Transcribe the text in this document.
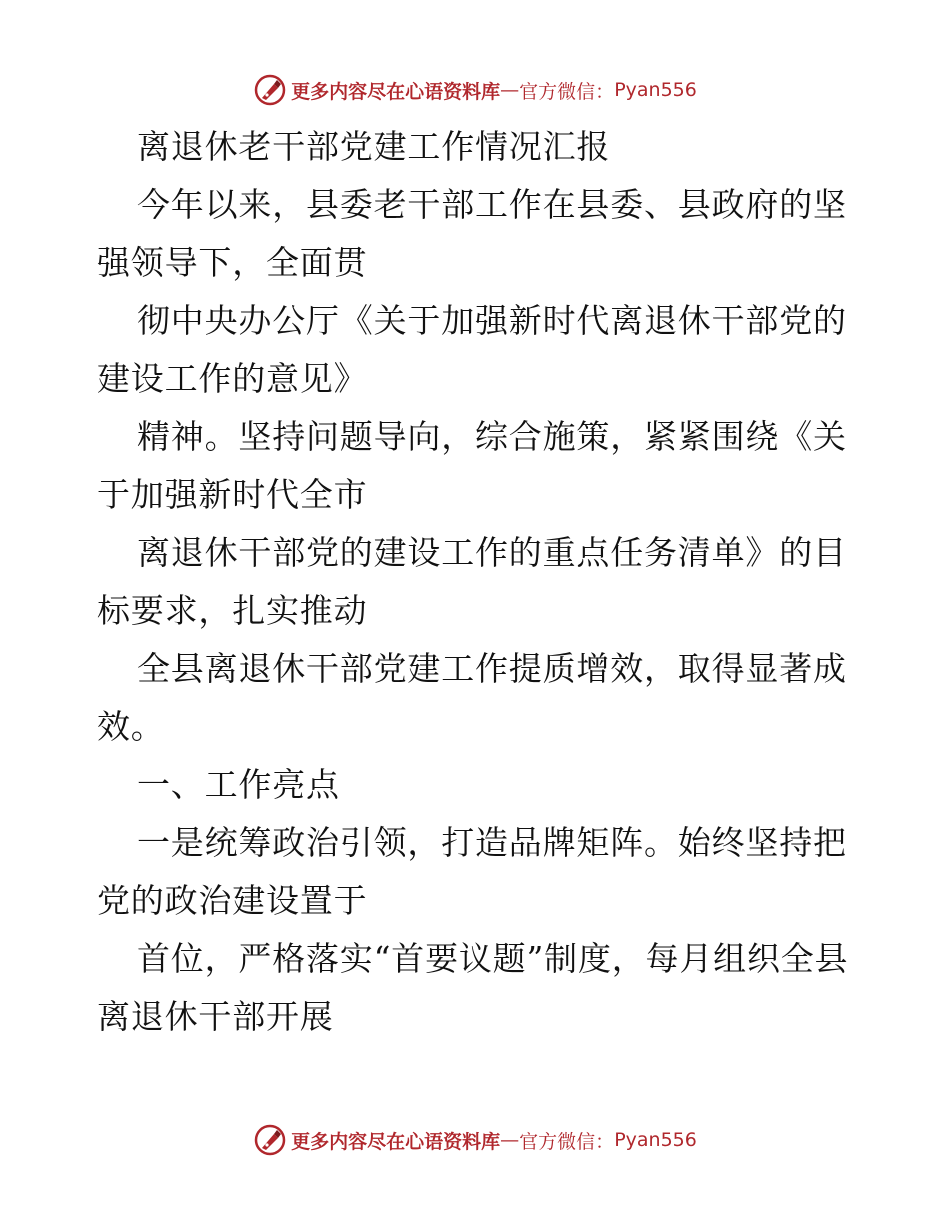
更多内容尽在心语资料库 — 官方微信： Pyan556

离退休老干部党建工作情况汇报

今年以来，县委老干部工作在县委、县政府的坚强领导下，全面贯

彻中央办公厅《关于加强新时代离退休干部党的建设工作的意见》

精神。坚持问题导向，综合施策，紧紧围绕《关于加强新时代全市

离退休干部党的建设工作的重点任务清单》的目标要求，扎实推动

全县离退休干部党建工作提质增效，取得显著成效。

一、工作亮点

一是统筹政治引领，打造品牌矩阵。始终坚持把党的政治建设置于

首位，严格落实“首要议题”制度，每月组织全县离退休干部开展

更多内容尽在心语资料库 — 官方微信： Pyan556
